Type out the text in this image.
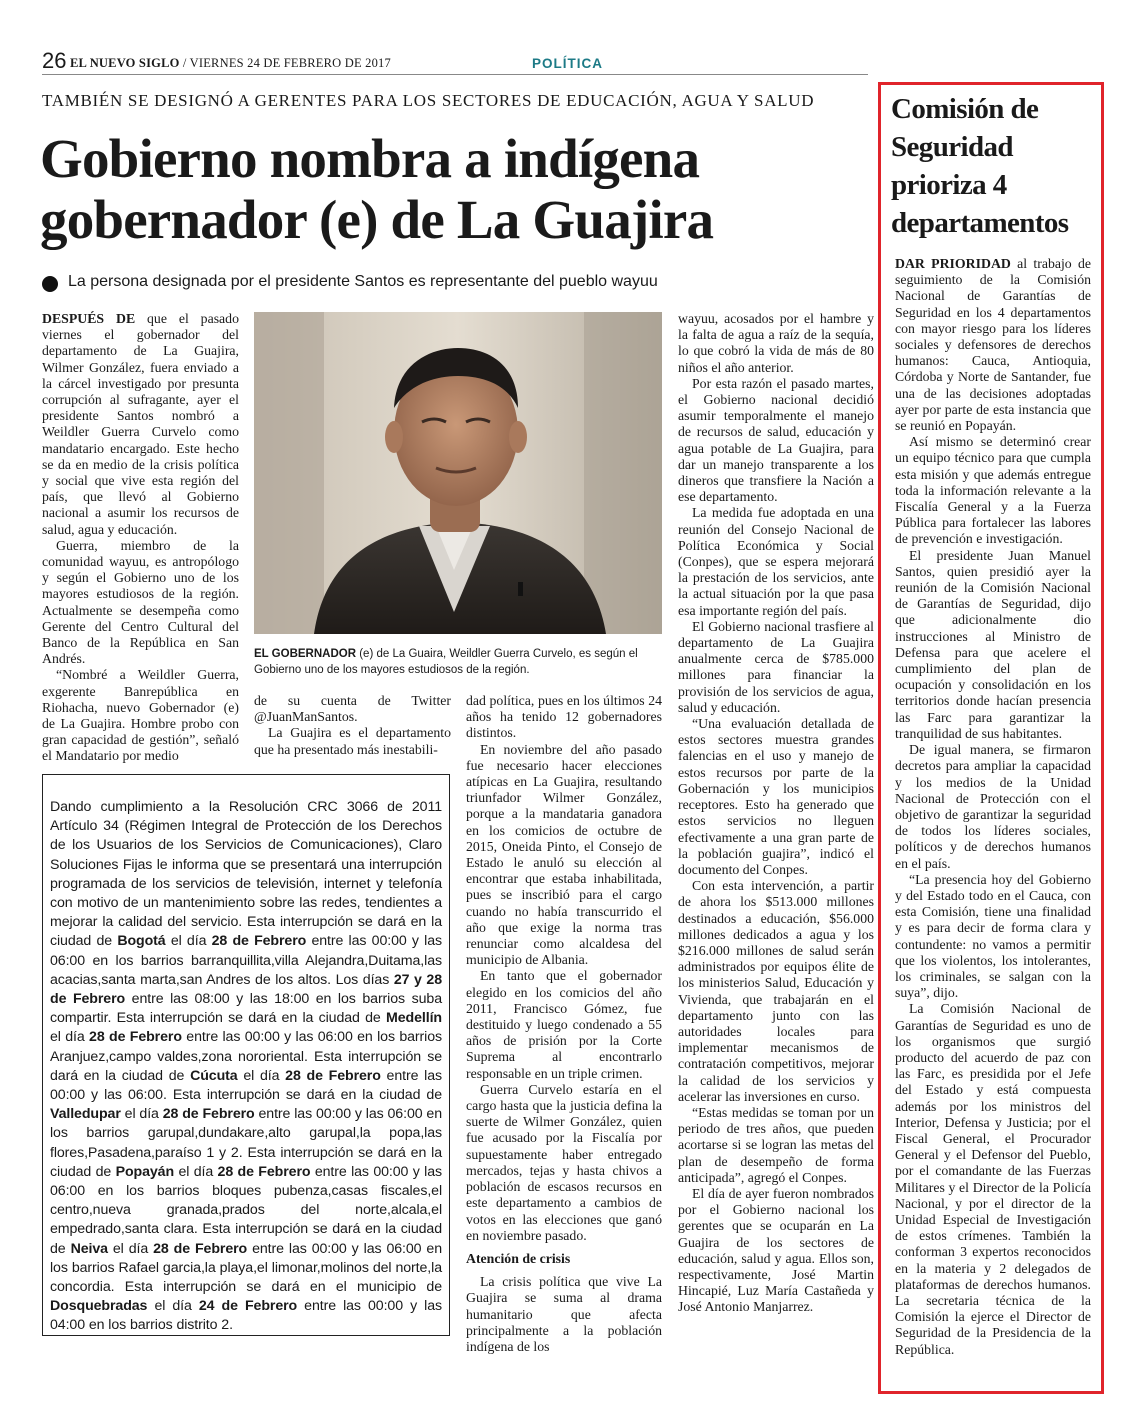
26 EL NUEVO SIGLO / VIERNES 24 DE FEBRERO DE 2017	POLÍTICA
TAMBIÉN SE DESIGNÓ A GERENTES PARA LOS SECTORES DE EDUCACIÓN, AGUA Y SALUD
Gobierno nombra a indígena
gobernador (e) de La Guajira
La persona designada por el presidente Santos es representante del pueblo wayuu

DESPUÉS DE que el pasado viernes el gobernador del departamento de La Guajira, Wilmer González, fuera enviado a la cárcel investigado por presunta corrupción al sufragante, ayer el presidente Santos nombró a Weildler Guerra Curvelo como mandatario encargado. Este hecho se da en medio de la crisis política y social que vive esta región del país, que llevó al Gobierno nacional a asumir los recursos de salud, agua y educación.

Guerra, miembro de la comunidad wayuu, es antropólogo y según el Gobierno uno de los mayores estudiosos de la región. Actualmente se desempeña como Gerente del Centro Cultural del Banco de la República en San Andrés.

“Nombré a Weildler Guerra, exgerente Banrepública en Riohacha, nuevo Gobernador (e) de La Guajira. Hombre probo con gran capacidad de gestión”, señaló el Mandatario por medio

EL GOBERNADOR (e) de La Guaira, Weildler Guerra Curvelo, es según el Gobierno uno de los mayores estudiosos de la región.

de su cuenta de Twitter @JuanManSantos.

La Guajira es el departamento que ha presentado más inestabili-

dad política, pues en los últimos 24 años ha tenido 12 gobernadores distintos.

En noviembre del año pasado fue necesario hacer elecciones atípicas en La Guajira, resultando triunfador Wilmer González, porque a la mandataria ganadora en los comicios de octubre de 2015, Oneida Pinto, el Consejo de Estado le anuló su elección al encontrar que estaba inhabilitada, pues se inscribió para el cargo cuando no había transcurrido el año que exige la norma tras renunciar como alcaldesa del municipio de Albania.

En tanto que el gobernador elegido en los comicios del año 2011, Francisco Gómez, fue destituido y luego condenado a 55 años de prisión por la Corte Suprema al encontrarlo responsable en un triple crimen.

Guerra Curvelo estaría en el cargo hasta que la justicia defina la suerte de Wilmer González, quien fue acusado por la Fiscalía por supuestamente haber entregado mercados, tejas y hasta chivos a población de escasos recursos en este departamento a cambios de votos en las elecciones que ganó en noviembre pasado.

Atención de crisis

La crisis política que vive La Guajira se suma al drama humanitario que afecta principalmente a la población indígena de los

wayuu, acosados por el hambre y la falta de agua a raíz de la sequía, lo que cobró la vida de más de 80 niños el año anterior.

Por esta razón el pasado martes, el Gobierno nacional decidió asumir temporalmente el manejo de recursos de salud, educación y agua potable de La Guajira, para dar un manejo transparente a los dineros que transfiere la Nación a ese departamento.

La medida fue adoptada en una reunión del Consejo Nacional de Política Económica y Social (Conpes), que se espera mejorará la prestación de los servicios, ante la actual situación por la que pasa esa importante región del país.

El Gobierno nacional trasfiere al departamento de La Guajira anualmente cerca de $785.000 millones para financiar la provisión de los servicios de agua, salud y educación.

“Una evaluación detallada de estos sectores muestra grandes falencias en el uso y manejo de estos recursos por parte de la Gobernación y los municipios receptores. Esto ha generado que estos servicios no lleguen efectivamente a una gran parte de la población guajira”, indicó el documento del Conpes.

Con esta intervención, a partir de ahora los $513.000 millones destinados a educación, $56.000 millones dedicados a agua y los $216.000 millones de salud serán administrados por equipos élite de los ministerios Salud, Educación y Vivienda, que trabajarán en el departamento junto con las autoridades locales para implementar mecanismos de contratación competitivos, mejorar la calidad de los servicios y acelerar las inversiones en curso.

“Estas medidas se toman por un periodo de tres años, que pueden acortarse si se logran las metas del plan de desempeño de forma anticipada”, agregó el Conpes.

El día de ayer fueron nombrados por el Gobierno nacional los gerentes que se ocuparán en La Guajira de los sectores de educación, salud y agua. Ellos son, respectivamente, José Martin Hincapié, Luz María Castañeda y José Antonio Manjarrez.

Dando cumplimiento a la Resolución CRC 3066 de 2011 Artículo 34 (Régimen Integral de Protección de los Derechos de los Usuarios de los Servicios de Comunicaciones), Claro Soluciones Fijas le informa que se presentará una interrupción programada de los servicios de televisión, internet y telefonía con motivo de un mantenimiento sobre las redes, tendientes a mejorar la calidad del servicio. Esta interrupción se dará en la ciudad de Bogotá el día 28 de Febrero entre las 00:00 y las 06:00 en los barrios barranquillita,villa Alejandra,Duitama,las acacias,santa marta,san Andres de los altos. Los días 27 y 28 de Febrero entre las 08:00 y las 18:00 en los barrios suba compartir. Esta interrupción se dará en la ciudad de Medellín el día 28 de Febrero entre las 00:00 y las 06:00 en los barrios Aranjuez,campo valdes,zona nororiental. Esta interrupción se dará en la ciudad de Cúcuta el día 28 de Febrero entre las 00:00 y las 06:00. Esta interrupción se dará en la ciudad de Valledupar el día 28 de Febrero entre las 00:00 y las 06:00 en los barrios garupal,dundakare,alto garupal,la popa,las flores,Pasadena,paraíso 1 y 2. Esta interrupción se dará en la ciudad de Popayán el día 28 de Febrero entre las 00:00 y las 06:00 en los barrios bloques pubenza,casas fiscales,el centro,nueva granada,prados del norte,alcala,el empedrado,santa clara. Esta interrupción se dará en la ciudad de Neiva el día 28 de Febrero entre las 00:00 y las 06:00 en los barrios Rafael garcia,la playa,el limonar,molinos del norte,la concordia. Esta interrupción se dará en el municipio de Dosquebradas el día 24 de Febrero entre las 00:00 y las 04:00 en los barrios distrito 2.
Comisión de Seguridad prioriza 4 departamentos

DAR PRIORIDAD al trabajo de seguimiento de la Comisión Nacional de Garantías de Seguridad en los 4 departamentos con mayor riesgo para los líderes sociales y defensores de derechos humanos: Cauca, Antioquia, Córdoba y Norte de Santander, fue una de las decisiones adoptadas ayer por parte de esta instancia que se reunió en Popayán.

Así mismo se determinó crear un equipo técnico para que cumpla esta misión y que además entregue toda la información relevante a la Fiscalía General y a la Fuerza Pública para fortalecer las labores de prevención e investigación.

El presidente Juan Manuel Santos, quien presidió ayer la reunión de la Comisión Nacional de Garantías de Seguridad, dijo que adicionalmente dio instrucciones al Ministro de Defensa para que acelere el cumplimiento del plan de ocupación y consolidación en los territorios donde hacían presencia las Farc para garantizar la tranquilidad de sus habitantes.

De igual manera, se firmaron decretos para ampliar la capacidad y los medios de la Unidad Nacional de Protección con el objetivo de garantizar la seguridad de todos los líderes sociales, políticos y de derechos humanos en el país.

“La presencia hoy del Gobierno y del Estado todo en el Cauca, con esta Comisión, tiene una finalidad y es para decir de forma clara y contundente: no vamos a permitir que los violentos, los intolerantes, los criminales, se salgan con la suya”, dijo.

La Comisión Nacional de Garantías de Seguridad es uno de los organismos que surgió producto del acuerdo de paz con las Farc, es presidida por el Jefe del Estado y está compuesta además por los ministros del Interior, Defensa y Justicia; por el Fiscal General, el Procurador General y el Defensor del Pueblo, por el comandante de las Fuerzas Militares y el Director de la Policía Nacional, y por el director de la Unidad Especial de Investigación de estos crímenes. También la conforman 3 expertos reconocidos en la materia y 2 delegados de plataformas de derechos humanos. La secretaria técnica de la Comisión la ejerce el Director de Seguridad de la Presidencia de la República.
